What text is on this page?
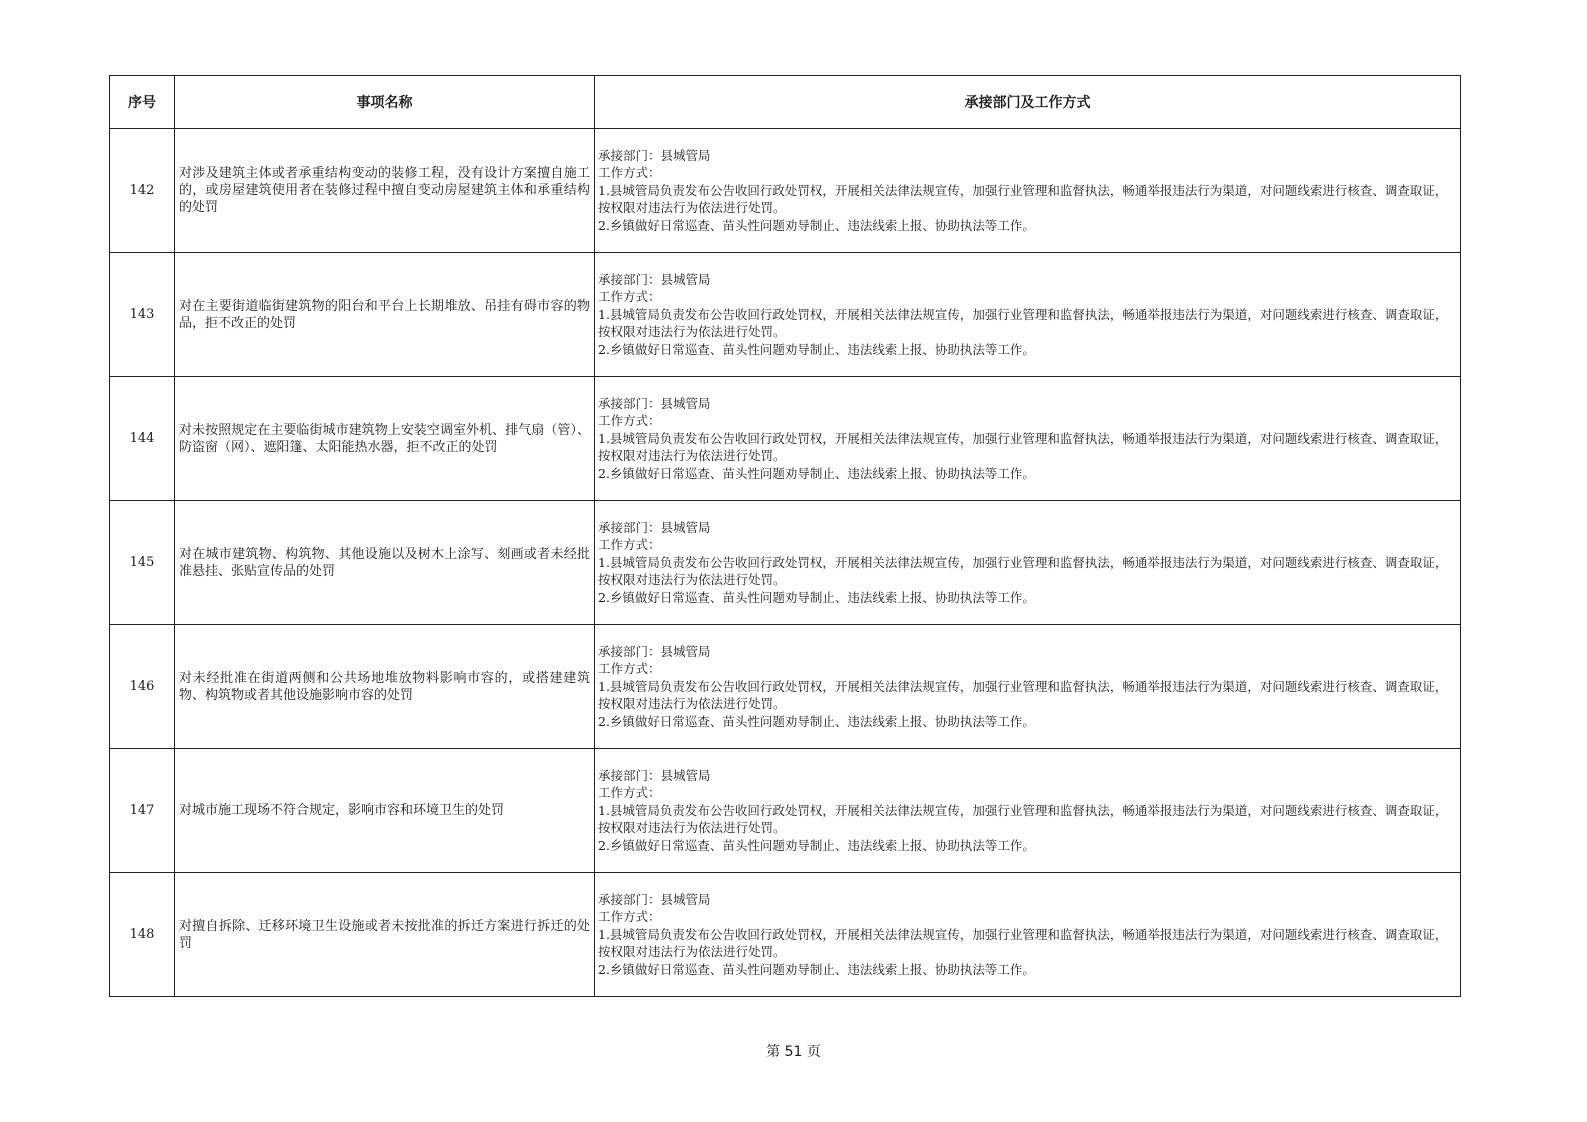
序号	事项名称	承接部门及工作方式
142	对涉及建筑主体或者承重结构变动的装修工程，没有设计方案擅自施工的，或房屋建筑使用者在装修过程中擅自变动房屋建筑主体和承重结构的处罚	承接部门：县城管局
工作方式：
1.县城管局负责发布公告收回行政处罚权，开展相关法律法规宣传，加强行业管理和监督执法，畅通举报违法行为渠道，对问题线索进行核查、调查取证，按权限对违法行为依法进行处罚。
2.乡镇做好日常巡查、苗头性问题劝导制止、违法线索上报、协助执法等工作。

143	对在主要街道临街建筑物的阳台和平台上长期堆放、吊挂有碍市容的物品，拒不改正的处罚	承接部门：县城管局
工作方式：
1.县城管局负责发布公告收回行政处罚权，开展相关法律法规宣传，加强行业管理和监督执法，畅通举报违法行为渠道，对问题线索进行核查、调查取证，按权限对违法行为依法进行处罚。
2.乡镇做好日常巡查、苗头性问题劝导制止、违法线索上报、协助执法等工作。

144	对未按照规定在主要临街城市建筑物上安装空调室外机、排气扇（管）、防盗窗（网）、遮阳篷、太阳能热水器，拒不改正的处罚	承接部门：县城管局
工作方式：
1.县城管局负责发布公告收回行政处罚权，开展相关法律法规宣传，加强行业管理和监督执法，畅通举报违法行为渠道，对问题线索进行核查、调查取证，按权限对违法行为依法进行处罚。
2.乡镇做好日常巡查、苗头性问题劝导制止、违法线索上报、协助执法等工作。

145	对在城市建筑物、构筑物、其他设施以及树木上涂写、刻画或者未经批准悬挂、张贴宣传品的处罚	承接部门：县城管局
工作方式：
1.县城管局负责发布公告收回行政处罚权，开展相关法律法规宣传，加强行业管理和监督执法，畅通举报违法行为渠道，对问题线索进行核查、调查取证，按权限对违法行为依法进行处罚。
2.乡镇做好日常巡查、苗头性问题劝导制止、违法线索上报、协助执法等工作。

146	对未经批准在街道两侧和公共场地堆放物料影响市容的，或搭建建筑物、构筑物或者其他设施影响市容的处罚	承接部门：县城管局
工作方式：
1.县城管局负责发布公告收回行政处罚权，开展相关法律法规宣传，加强行业管理和监督执法，畅通举报违法行为渠道，对问题线索进行核查、调查取证，按权限对违法行为依法进行处罚。
2.乡镇做好日常巡查、苗头性问题劝导制止、违法线索上报、协助执法等工作。

147	对城市施工现场不符合规定，影响市容和环境卫生的处罚	承接部门：县城管局
工作方式：
1.县城管局负责发布公告收回行政处罚权，开展相关法律法规宣传，加强行业管理和监督执法，畅通举报违法行为渠道，对问题线索进行核查、调查取证，按权限对违法行为依法进行处罚。
2.乡镇做好日常巡查、苗头性问题劝导制止、违法线索上报、协助执法等工作。

148	对擅自拆除、迁移环境卫生设施或者未按批准的拆迁方案进行拆迁的处罚	承接部门：县城管局
工作方式：
1.县城管局负责发布公告收回行政处罚权，开展相关法律法规宣传，加强行业管理和监督执法，畅通举报违法行为渠道，对问题线索进行核查、调查取证，按权限对违法行为依法进行处罚。
2.乡镇做好日常巡查、苗头性问题劝导制止、违法线索上报、协助执法等工作。
第 51 页
